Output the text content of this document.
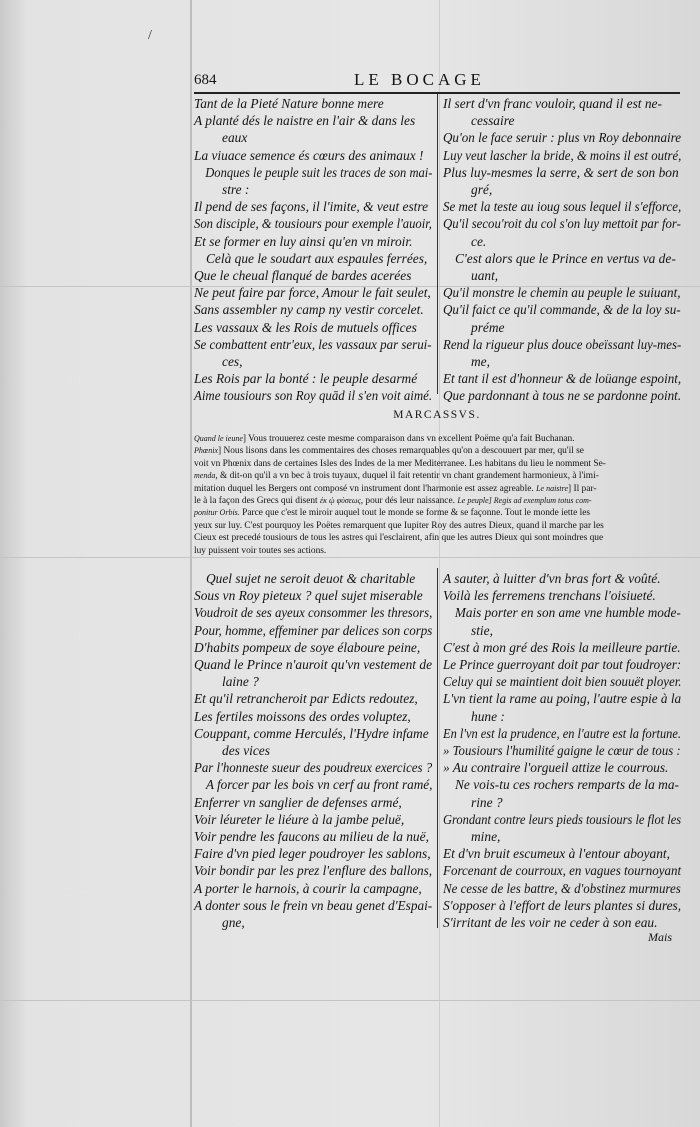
/
684	LE BOCAGE
Tant de la Pieté Nature bonne mere
A planté dés le naistre en l'air & dans les
eaux
La viuace semence és cœurs des animaux !
Donques le peuple suit les traces de son mai-
stre :
Il pend de ses façons, il l'imite, & veut estre
Son disciple, & tousiours pour exemple l'auoir,
Et se former en luy ainsi qu'en vn miroir.
Celà que le soudart aux espaules ferrées,
Que le cheual flanqué de bardes acerées
Ne peut faire par force, Amour le fait seulet,
Sans assembler ny camp ny vestir corcelet.
Les vassaux & les Rois de mutuels offices
Se combattent entr'eux, les vassaux par serui-
ces,
Les Rois par la bonté : le peuple desarmé
Aime tousiours son Roy quād il s'en voit aimé.
Il sert d'vn franc vouloir, quand il est ne-
cessaire
Qu'on le face seruir : plus vn Roy debonnaire
Luy veut lascher la bride, & moins il est outré,
Plus luy-mesmes la serre, & sert de son bon
gré,
Se met la teste au ioug sous lequel il s'efforce,
Qu'il secou'roit du col s'on luy mettoit par for-
ce.
C'est alors que le Prince en vertus va de-
uant,
Qu'il monstre le chemin au peuple le suiuant,
Qu'il faict ce qu'il commande, & de la loy su-
préme
Rend la rigueur plus douce obeïssant luy-mes-
me,
Et tant il est d'honneur & de loüange espoint,
Que pardonnant à tous ne se pardonne point.
MARCASSVS.

Quand le ieune] Vous trouuerez ceste mesme comparaison dans vn excellent Poëme qu'a fait Buchanan.

Phœnix] Nous lisons dans les commentaires des choses remarquables qu'on a descouuert par mer, qu'il se

voit vn Phœnix dans de certaines Isles des Indes de la mer Mediterranee. Les habitans du lieu le nomment Se-

menda, & dit-on qu'il a vn bec à trois tuyaux, duquel il fait retentir vn chant grandement harmonieux, à l'imi-

mitation duquel les Bergers ont composé vn instrument dont l'harmonie est assez agreable. Le naistre] Il par-

le à la façon des Grecs qui disent ἐκ ᾠ φύσεως, pour dés leur naissance. Le peuple] Regis ad exemplum totus com-

ponitur Orbis. Parce que c'est le miroir auquel tout le monde se forme & se façonne. Tout le monde iette les

yeux sur luy. C'est pourquoy les Poëtes remarquent que Iupiter Roy des autres Dieux, quand il marche par les

Cieux est precedé tousiours de tous les astres qui l'esclairent, afin que les autres Dieux qui sont moindres que

luy puissent voir toutes ses actions.

Quel sujet ne seroit deuot & charitable
Sous vn Roy pieteux ? quel sujet miserable
Voudroit de ses ayeux consommer les thresors,
Pour, homme, effeminer par delices son corps
D'habits pompeux de soye élaboure peine,
Quand le Prince n'auroit qu'vn vestement de
laine ?
Et qu'il retrancheroit par Edicts redoutez,
Les fertiles moissons des ordes voluptez,
Couppant, comme Herculés, l'Hydre infame
des vices
Par l'honneste sueur des poudreux exercices ?
A forcer par les bois vn cerf au front ramé,
Enferrer vn sanglier de defenses armé,
Voir léureter le liéure à la jambe peluë,
Voir pendre les faucons au milieu de la nuë,
Faire d'vn pied leger poudroyer les sablons,
Voir bondir par les prez l'enflure des ballons,
A porter le harnois, à courir la campagne,
A donter sous le frein vn beau genet d'Espai-
gne,
A sauter, à luitter d'vn bras fort & voûté.
Voilà les ferremens trenchans l'oisiueté.
Mais porter en son ame vne humble mode-
stie,
C'est à mon gré des Rois la meilleure partie.
Le Prince guerroyant doit par tout foudroyer:
Celuy qui se maintient doit bien souuët ployer.
L'vn tient la rame au poing, l'autre espie à la
hune :
En l'vn est la prudence, en l'autre est la fortune.
» Tousiours l'humilité gaigne le cœur de tous :
» Au contraire l'orgueil attize le courrous.
Ne vois-tu ces rochers remparts de la ma-
rine ?
Grondant contre leurs pieds tousiours le flot les
mine,
Et d'vn bruit escumeux à l'entour aboyant,
Forcenant de courroux, en vagues tournoyant
Ne cesse de les battre, & d'obstinez murmures
S'opposer à l'effort de leurs plantes si dures,
S'irritant de les voir ne ceder à son eau.
Mais
